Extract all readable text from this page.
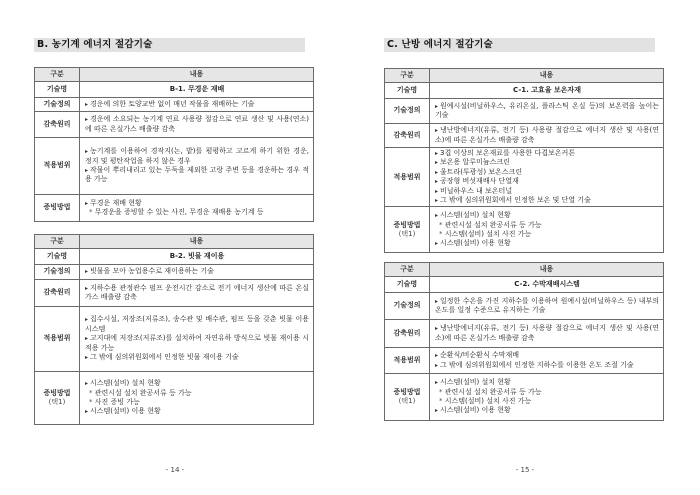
B. 농기계 에너지 절감기술
구분	내용
기술명	B-1. 무경운 재배
기술정의	▸ 경운에 의한 토양교반 없이 매년 작물을 재배하는 기술

감축원리	▸ 경운에 소요되는 농기계 연료 사용량 절감으로 연료 생산 및 사용(연소)에 따른 온실가스 배출량 감축

적용범위	▸ 농기계를 이용하여 경작지(논, 밭)를 평평하고 고르게 하기 위한 경운, 정지 및 평탄작업을 하지 않은 경우
▸ 작물이 뿌리내리고 있는 두둑을 제외한 고랑 주변 등을 경운하는 경우 적용 가능

증빙방법	▸ 무경운 재배 현황
* 무경운을 증빙할 수 있는 사진, 무경운 재배용 농기계 등
구분	내용
기술명	B-2. 빗물 재이용
기술정의	▸ 빗물을 모아 농업용수로 재이용하는 기술

감축원리	▸ 지하수용 관정관수 펌프 운전시간 감소로 전기 에너지 생산에 따른 온실가스 배출량 감축

적용범위	▸ 집수시설, 저장조(저류조), 송수관 및 배수관, 펌프 등을 갖춘 빗물 이용 시스템
▸ 고지대에 저장조(저류조)를 설치하여 자연유하 방식으로 빗물 재이용 시 적용 가능
▸ 그 밖에 심의위원회에서 인정한 빗물 재이용 기술

증빙방법
(택1)	▸ 시스템(설비) 설치 현황
* 관련시설 설치 완공서류 등 가능
* 사진 증빙 가능
▸ 시스템(설비) 이용 현황
- 14 -
C. 난방 에너지 절감기술
구분	내용
기술명	C-1. 고효율 보온자재
기술정의	▸ 원예시설(비닐하우스, 유리온실, 플라스틱 온실 등)의 보온력을 높이는 기술

감축원리	▸ 냉난방에너지(유류, 전기 등) 사용량 절감으로 에너지 생산 및 사용(연소)에 따른 온실가스 배출량 감축

적용범위	
▸ 3겹 이상의 보온재료를 사용한 다겹보온커튼
▸ 보온용 알루미늄스크린
▸ 울트라(투광성) 보온스크린
▸ 공장형 버섯재배사 단열재
▸ 비닐하우스 내 보온터널
▸ 그 밖에 심의위원회에서 인정한 보온 및 단열 기술

증빙방법
(택1)	▸ 시스템(설비) 설치 현황
* 관련시설 설치 완공서류 등 가능
* 시스템(설비) 설치 사진 가능
▸ 시스템(설비) 이용 현황
구분	내용
기술명	C-2. 수막재배시스템
기술정의	▸ 일정한 수온을 가진 지하수를 이용하여 원예시설(비닐하우스 등) 내부의 온도를 일정 수준으로 유지하는 기술

감축원리	▸ 냉난방에너지(유류, 전기 등) 사용량 절감으로 에너지 생산 및 사용(연소)에 따른 온실가스 배출량 감축

적용범위	▸ 순환식/비순환식 수막재배
▸ 그 밖에 심의위원회에서 인정한 지하수를 이용한 온도 조절 기술

증빙방법
(택1)	▸ 시스템(설비) 설치 현황
* 관련시설 설치 완공서류 등 가능
* 시스템(설비) 설치 사진 가능
▸ 시스템(설비) 이용 현황
- 15 -
